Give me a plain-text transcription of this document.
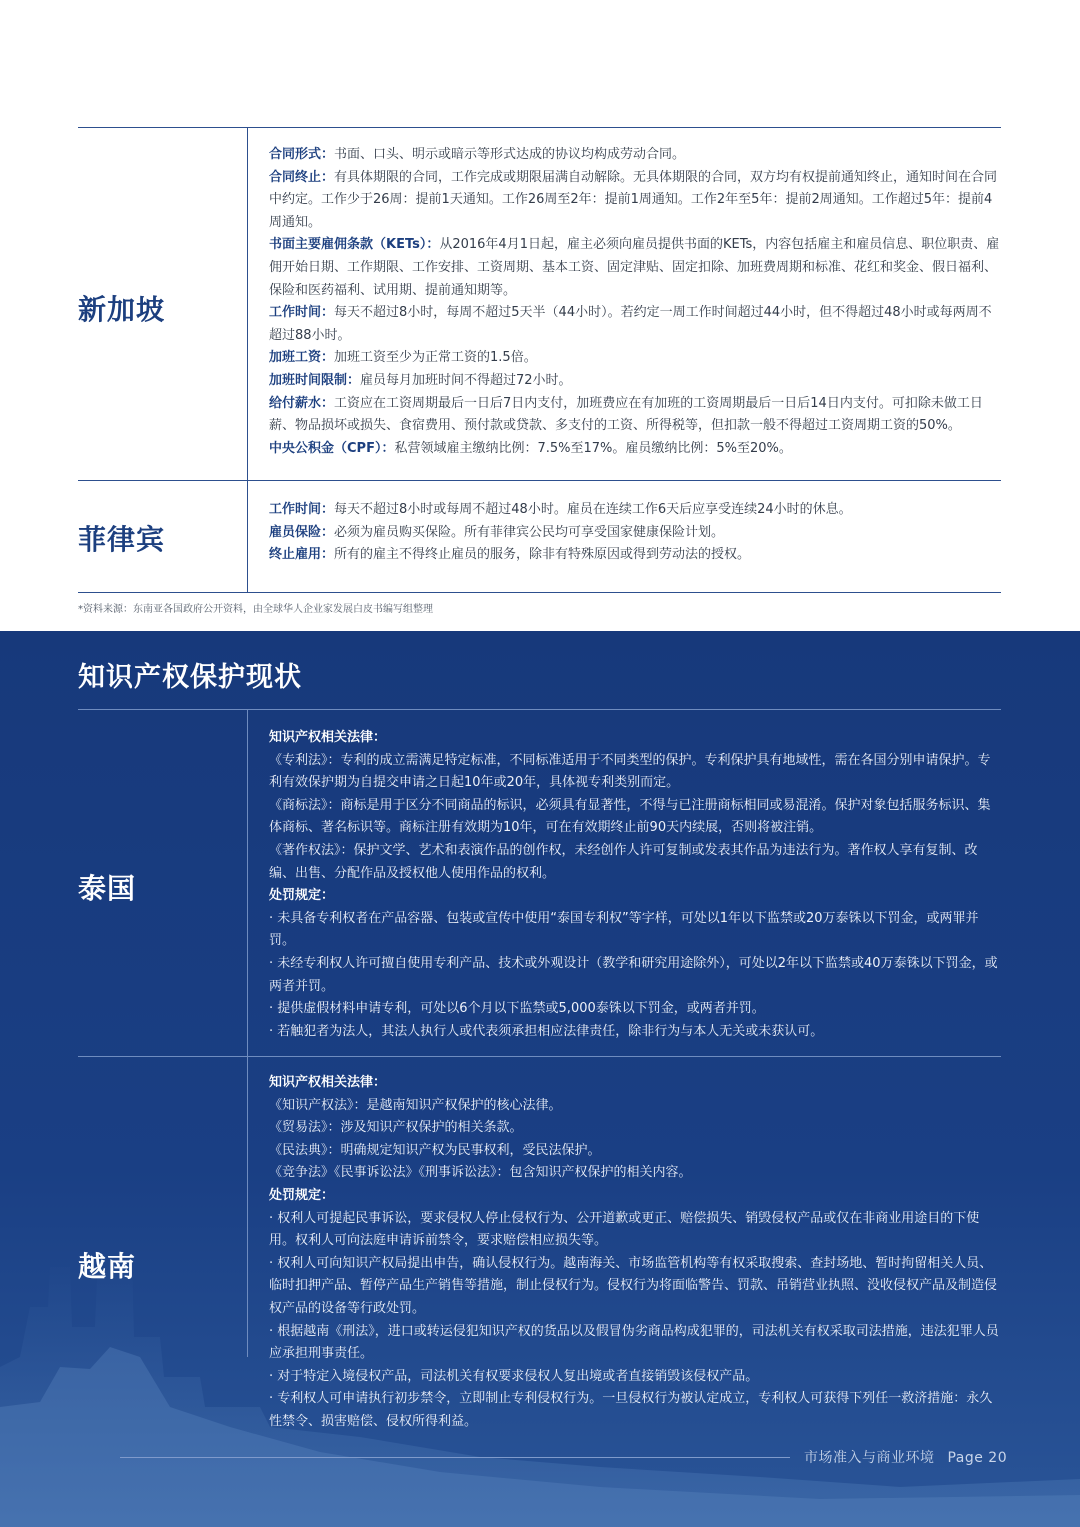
新加坡

合同形式：书面、口头、明示或暗示等形式达成的协议均构成劳动合同。

合同终止：有具体期限的合同，工作完成或期限届满自动解除。无具体期限的合同，双方均有权提前通知终止，通知时间在合同中约定。工作少于26周：提前1天通知。工作26周至2年：提前1周通知。工作2年至5年：提前2周通知。工作超过5年：提前4周通知。

书面主要雇佣条款（KETs）：从2016年4月1日起，雇主必须向雇员提供书面的KETs，内容包括雇主和雇员信息、职位职责、雇佣开始日期、工作期限、工作安排、工资周期、基本工资、固定津贴、固定扣除、加班费周期和标准、花红和奖金、假日福利、保险和医药福利、试用期、提前通知期等。

工作时间：每天不超过8小时，每周不超过5天半（44小时）。若约定一周工作时间超过44小时，但不得超过48小时或每两周不超过88小时。

加班工资：加班工资至少为正常工资的1.5倍。

加班时间限制：雇员每月加班时间不得超过72小时。

给付薪水：工资应在工资周期最后一日后7日内支付，加班费应在有加班的工资周期最后一日后14日内支付。可扣除未做工日薪、物品损坏或损失、食宿费用、预付款或贷款、多支付的工资、所得税等，但扣款一般不得超过工资周期工资的50%。

中央公积金（CPF）：私营领域雇主缴纳比例：7.5%至17%。雇员缴纳比例：5%至20%。

菲律宾

工作时间：每天不超过8小时或每周不超过48小时。雇员在连续工作6天后应享受连续24小时的休息。

雇员保险：必须为雇员购买保险。所有菲律宾公民均可享受国家健康保险计划。

终止雇用：所有的雇主不得终止雇员的服务，除非有特殊原因或得到劳动法的授权。

*资料来源：东南亚各国政府公开资料，由全球华人企业家发展白皮书编写组整理
知识产权保护现状
泰国

知识产权相关法律：

《专利法》：专利的成立需满足特定标准，不同标准适用于不同类型的保护。专利保护具有地域性，需在各国分别申请保护。专利有效保护期为自提交申请之日起10年或20年，具体视专利类别而定。

《商标法》：商标是用于区分不同商品的标识，必须具有显著性，不得与已注册商标相同或易混淆。保护对象包括服务标识、集体商标、著名标识等。商标注册有效期为10年，可在有效期终止前90天内续展，否则将被注销。

《著作权法》：保护文学、艺术和表演作品的创作权，未经创作人许可复制或发表其作品为违法行为。著作权人享有复制、改编、出售、分配作品及授权他人使用作品的权利。

处罚规定：

· 未具备专利权者在产品容器、包装或宣传中使用“泰国专利权”等字样，可处以1年以下监禁或20万泰铢以下罚金，或两罪并罚。

· 未经专利权人许可擅自使用专利产品、技术或外观设计（教学和研究用途除外），可处以2年以下监禁或40万泰铢以下罚金，或两者并罚。

· 提供虚假材料申请专利，可处以6个月以下监禁或5,000泰铢以下罚金，或两者并罚。

· 若触犯者为法人，其法人执行人或代表须承担相应法律责任，除非行为与本人无关或未获认可。

越南

知识产权相关法律：

《知识产权法》：是越南知识产权保护的核心法律。

《贸易法》：涉及知识产权保护的相关条款。

《民法典》：明确规定知识产权为民事权利，受民法保护。

《竞争法》《民事诉讼法》《刑事诉讼法》：包含知识产权保护的相关内容。

处罚规定：

· 权利人可提起民事诉讼，要求侵权人停止侵权行为、公开道歉或更正、赔偿损失、销毁侵权产品或仅在非商业用途目的下使用。权利人可向法庭申请诉前禁令，要求赔偿相应损失等。

· 权利人可向知识产权局提出申告，确认侵权行为。越南海关、市场监管机构等有权采取搜索、查封场地、暂时拘留相关人员、临时扣押产品、暂停产品生产销售等措施，制止侵权行为。侵权行为将面临警告、罚款、吊销营业执照、没收侵权产品及制造侵权产品的设备等行政处罚。

· 根据越南《刑法》，进口或转运侵犯知识产权的货品以及假冒伪劣商品构成犯罪的，司法机关有权采取司法措施，违法犯罪人员应承担刑事责任。

· 对于特定入境侵权产品，司法机关有权要求侵权人复出境或者直接销毁该侵权产品。

· 专利权人可申请执行初步禁令，立即制止专利侵权行为。一旦侵权行为被认定成立，专利权人可获得下列任一救济措施：永久性禁令、损害赔偿、侵权所得利益。

市场准入与商业环境 Page 20
